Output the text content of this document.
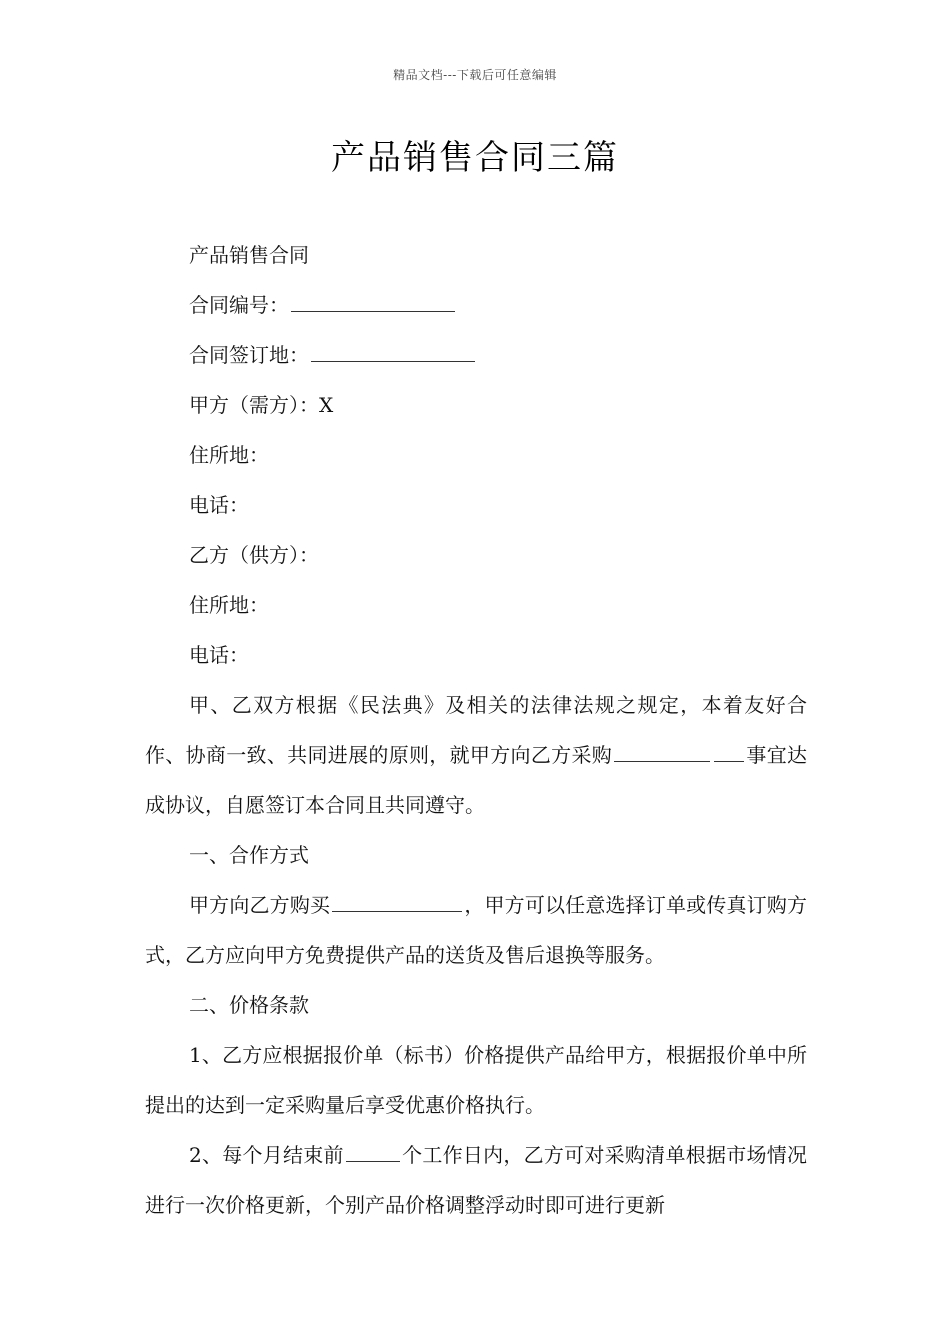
精品文档---下载后可任意编辑
产品销售合同三篇

产品销售合同

合同编号：

合同签订地：

甲方（需方）：X

住所地：

电话：

乙方（供方）：

住所地：

电话：

甲、乙双方根据《民法典》及相关的法律法规之规定，本着友好合作、协商一致、共同进展的原则，就甲方向乙方采购	事宜达成协议，自愿签订本合同且共同遵守。

一、合作方式

甲方向乙方购买	，甲方可以任意选择订单或传真订购方式，乙方应向甲方免费提供产品的送货及售后退换等服务。

二、价格条款

1、乙方应根据报价单（标书）价格提供产品给甲方，根据报价单中所提出的达到一定采购量后享受优惠价格执行。

2、每个月结束前	个工作日内，乙方可对采购清单根据市场情况进行一次价格更新，个别产品价格调整浮动时即可进行更新
